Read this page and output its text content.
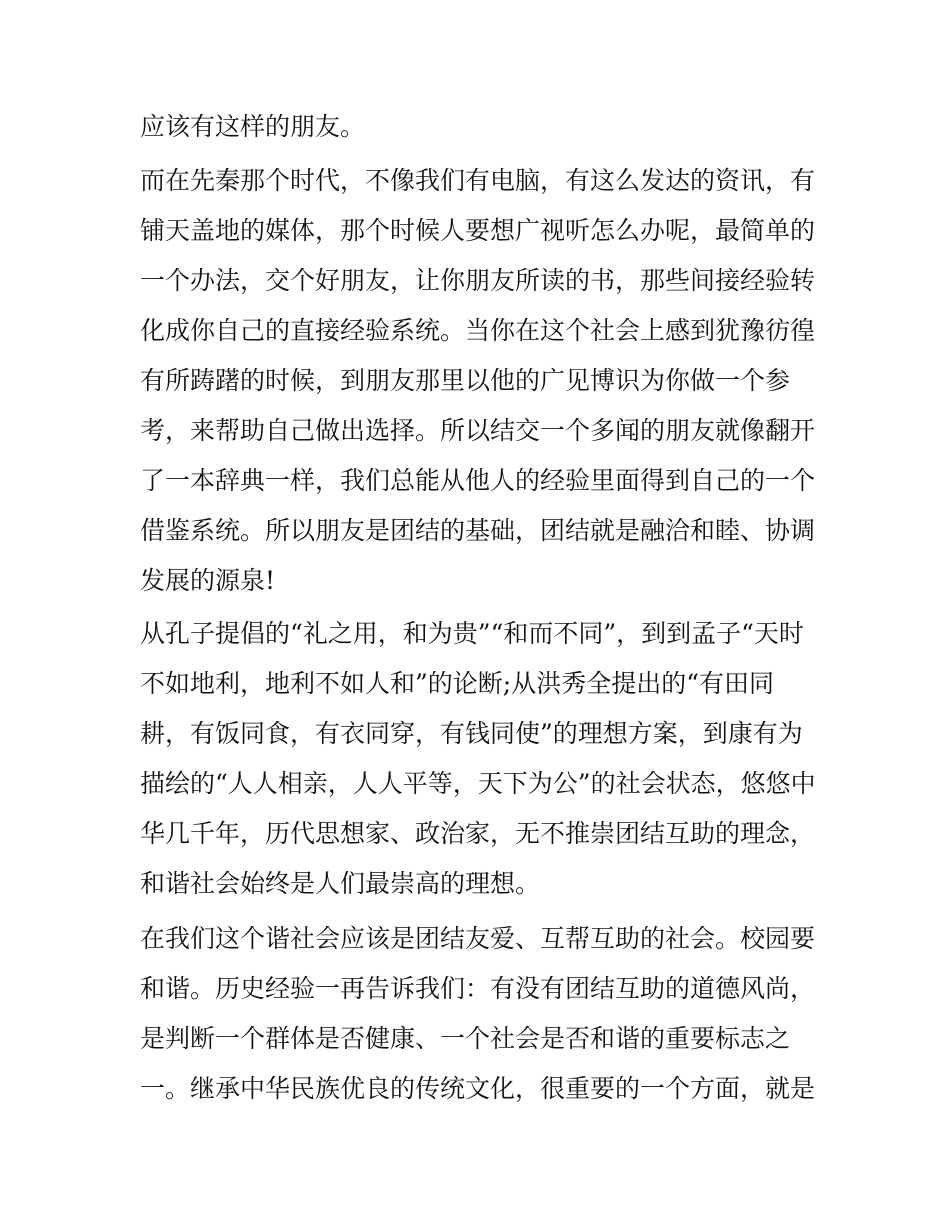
应该有这样的朋友。
而在先秦那个时代，不像我们有电脑，有这么发达的资讯，有
铺天盖地的媒体，那个时候人要想广视听怎么办呢，最简单的
一个办法，交个好朋友，让你朋友所读的书，那些间接经验转
化成你自己的直接经验系统。当你在这个社会上感到犹豫彷徨
有所踌躇的时候，到朋友那里以他的广见博识为你做一个参
考，来帮助自己做出选择。所以结交一个多闻的朋友就像翻开
了一本辞典一样，我们总能从他人的经验里面得到自己的一个
借鉴系统。所以朋友是团结的基础，团结就是融洽和睦、协调
发展的源泉!
从孔子提倡的“礼之用，和为贵”“和而不同”，到到孟子“天时
不如地利，地利不如人和”的论断;从洪秀全提出的“有田同
耕，有饭同食，有衣同穿，有钱同使”的理想方案，到康有为
描绘的“人人相亲，人人平等，天下为公”的社会状态，悠悠中
华几千年，历代思想家、政治家，无不推崇团结互助的理念，
和谐社会始终是人们最崇高的理想。
在我们这个谐社会应该是团结友爱、互帮互助的社会。校园要
和谐。历史经验一再告诉我们：有没有团结互助的道德风尚，
是判断一个群体是否健康、一个社会是否和谐的重要标志之
一。继承中华民族优良的传统文化，很重要的一个方面，就是
